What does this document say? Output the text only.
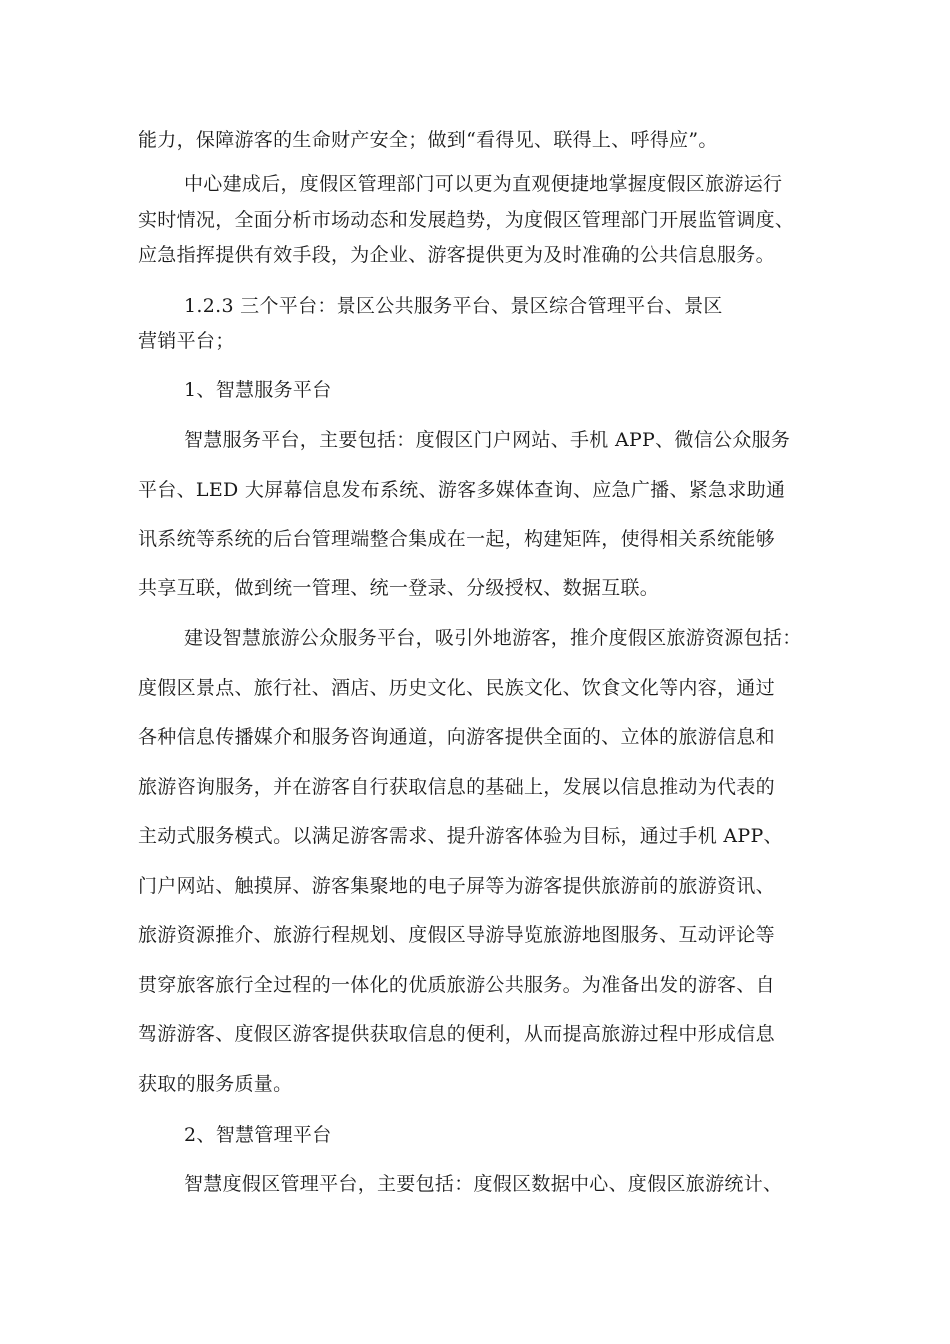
能力，保障游客的生命财产安全；做到“看得见、联得上、呼得应”。
中心建成后，度假区管理部门可以更为直观便捷地掌握度假区旅游运行
实时情况，全面分析市场动态和发展趋势，为度假区管理部门开展监管调度、
应急指挥提供有效手段，为企业、游客提供更为及时准确的公共信息服务。
1.2.3 三个平台：景区公共服务平台、景区综合管理平台、景区
营销平台；
1、智慧服务平台
智慧服务平台，主要包括：度假区门户网站、手机 APP、微信公众服务
平台、LED 大屏幕信息发布系统、游客多媒体查询、应急广播、紧急求助通
讯系统等系统的后台管理端整合集成在一起，构建矩阵，使得相关系统能够
共享互联，做到统一管理、统一登录、分级授权、数据互联。
建设智慧旅游公众服务平台，吸引外地游客，推介度假区旅游资源包括：
度假区景点、旅行社、酒店、历史文化、民族文化、饮食文化等内容，通过
各种信息传播媒介和服务咨询通道，向游客提供全面的、立体的旅游信息和
旅游咨询服务，并在游客自行获取信息的基础上，发展以信息推动为代表的
主动式服务模式。以满足游客需求、提升游客体验为目标，通过手机 APP、
门户网站、触摸屏、游客集聚地的电子屏等为游客提供旅游前的旅游资讯、
旅游资源推介、旅游行程规划、度假区导游导览旅游地图服务、互动评论等
贯穿旅客旅行全过程的一体化的优质旅游公共服务。为准备出发的游客、自
驾游游客、度假区游客提供获取信息的便利，从而提高旅游过程中形成信息
获取的服务质量。
2、智慧管理平台
智慧度假区管理平台，主要包括：度假区数据中心、度假区旅游统计、
